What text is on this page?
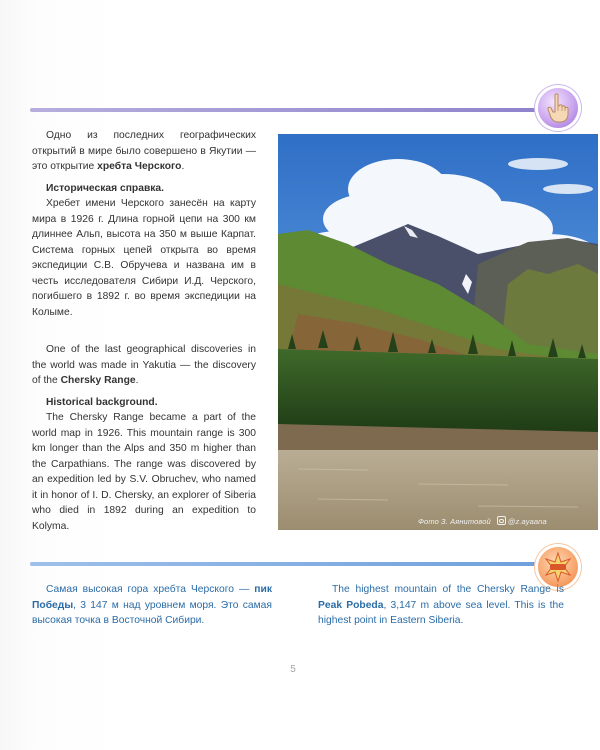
Одно из последних географических открытий в мире было совершено в Якутии — это открытие хребта Черского.

Историческая справка.

Хребет имени Черского занесён на карту мира в 1926 г. Длина горной цепи на 300 км длиннее Альп, высота на 350 м выше Карпат. Система горных цепей открыта во время экспедиции С.В. Обручева и названа им в честь исследователя Сибири И.Д. Черского, погибшего в 1892 г. во время экспедиции на Колыме.

One of the last geographical discoveries in the world was made in Yakutia — the discovery of the Chersky Range.

Historical background.

The Chersky Range became a part of the world map in 1926. This mountain range is 300 km longer than the Alps and 350 m higher than the Carpathians. The range was discovered by an expedition led by S.V. Obruchev, who named it in honor of I. D. Chersky, an explorer of Siberia who died in 1892 during an expedition to Kolyma.	Фото З. Аянитовой @z.ayaana

Самая высокая гора хребта Черского — пик Победы, 3 147 м над уровнем моря. Это самая высокая точка в Восточной Сибири.

The highest mountain of the Chersky Range is Peak Pobeda, 3,147 m above sea level. This is the highest point in Eastern Siberia.

5
